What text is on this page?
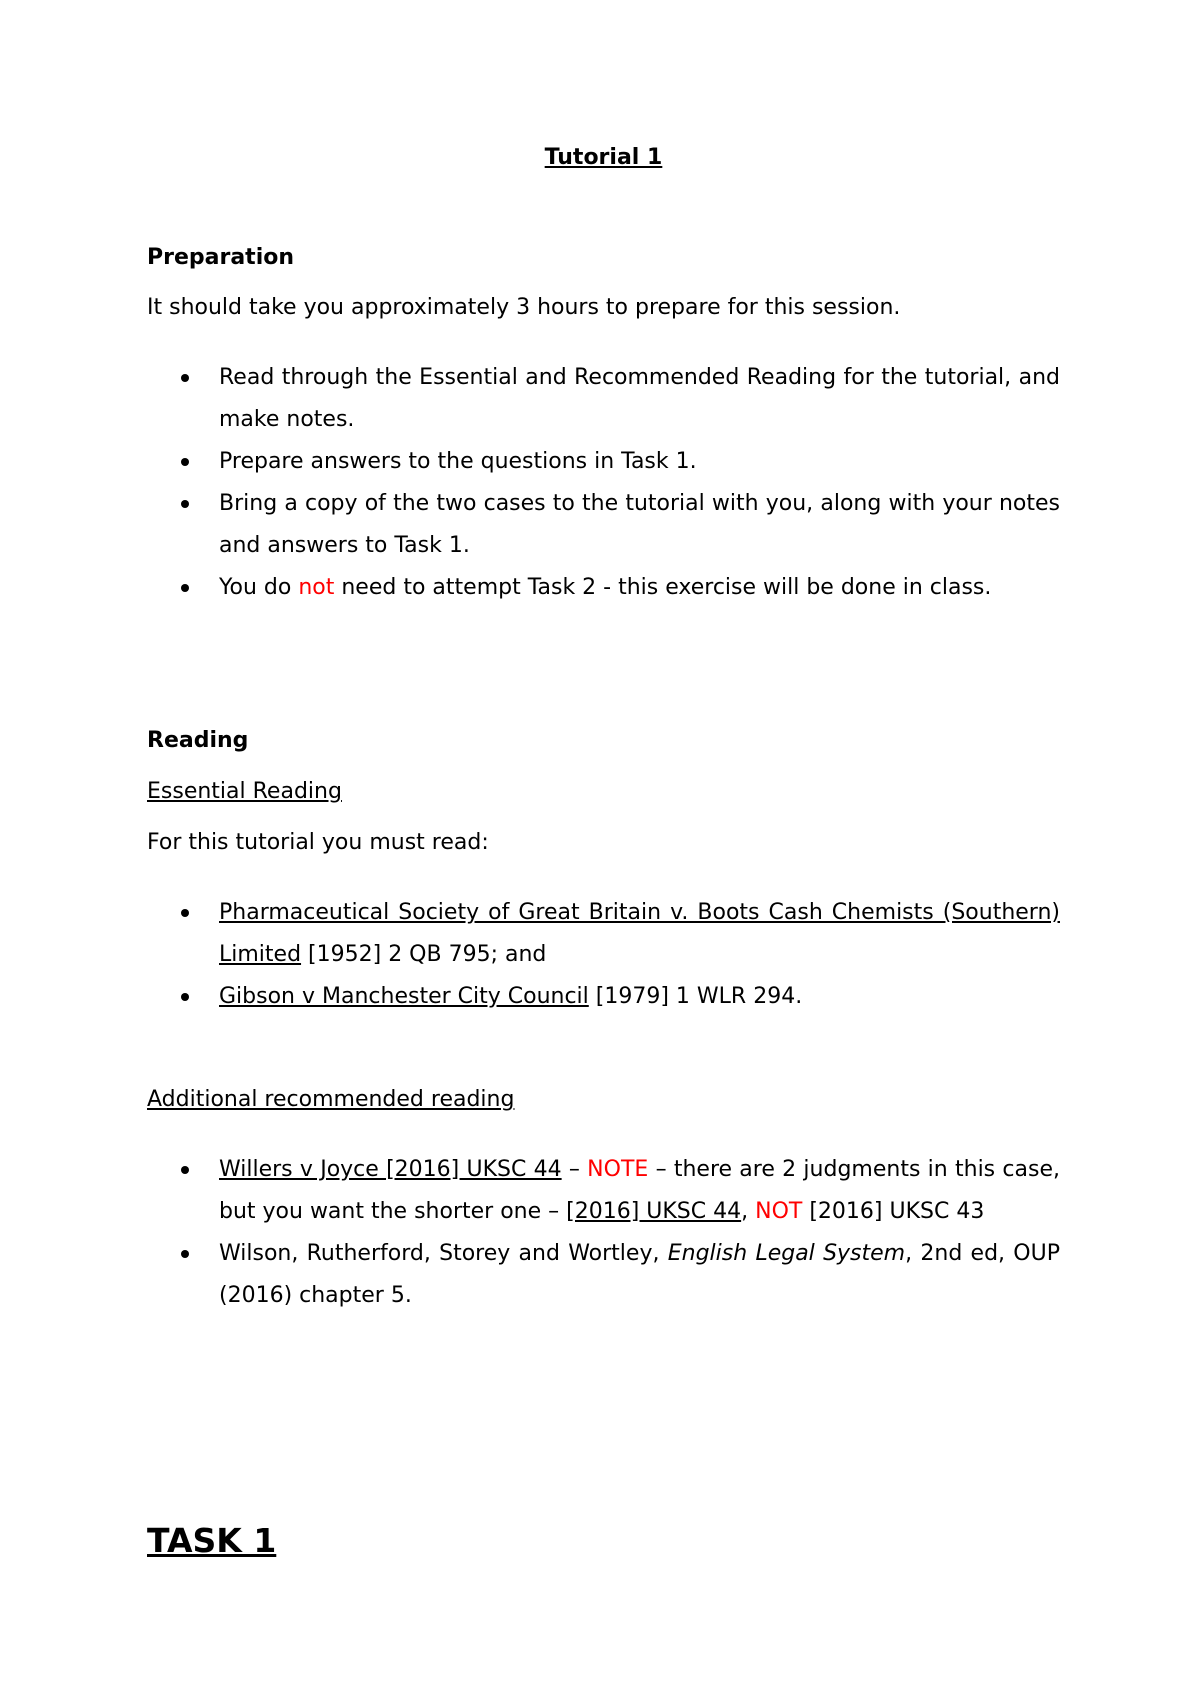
Tutorial 1
Preparation

It should take you approximately 3 hours to prepare for this session.

Read through the Essential and Recommended Reading for the tutorial, and make notes.
Prepare answers to the questions in Task 1.
Bring a copy of the two cases to the tutorial with you, along with your notes and answers to Task 1.
You do not need to attempt Task 2 - this exercise will be done in class.
Reading

Essential Reading

For this tutorial you must read:

Pharmaceutical Society of Great Britain v. Boots Cash Chemists (Southern) Limited [1952] 2 QB 795; and
Gibson v Manchester City Council [1979] 1 WLR 294.

Additional recommended reading

Willers v Joyce [2016] UKSC 44 – NOTE – there are 2 judgments in this case, but you want the shorter one – [2016] UKSC 44, NOT [2016] UKSC 43
Wilson, Rutherford, Storey and Wortley, English Legal System, 2nd ed, OUP (2016) chapter 5.
TASK 1
